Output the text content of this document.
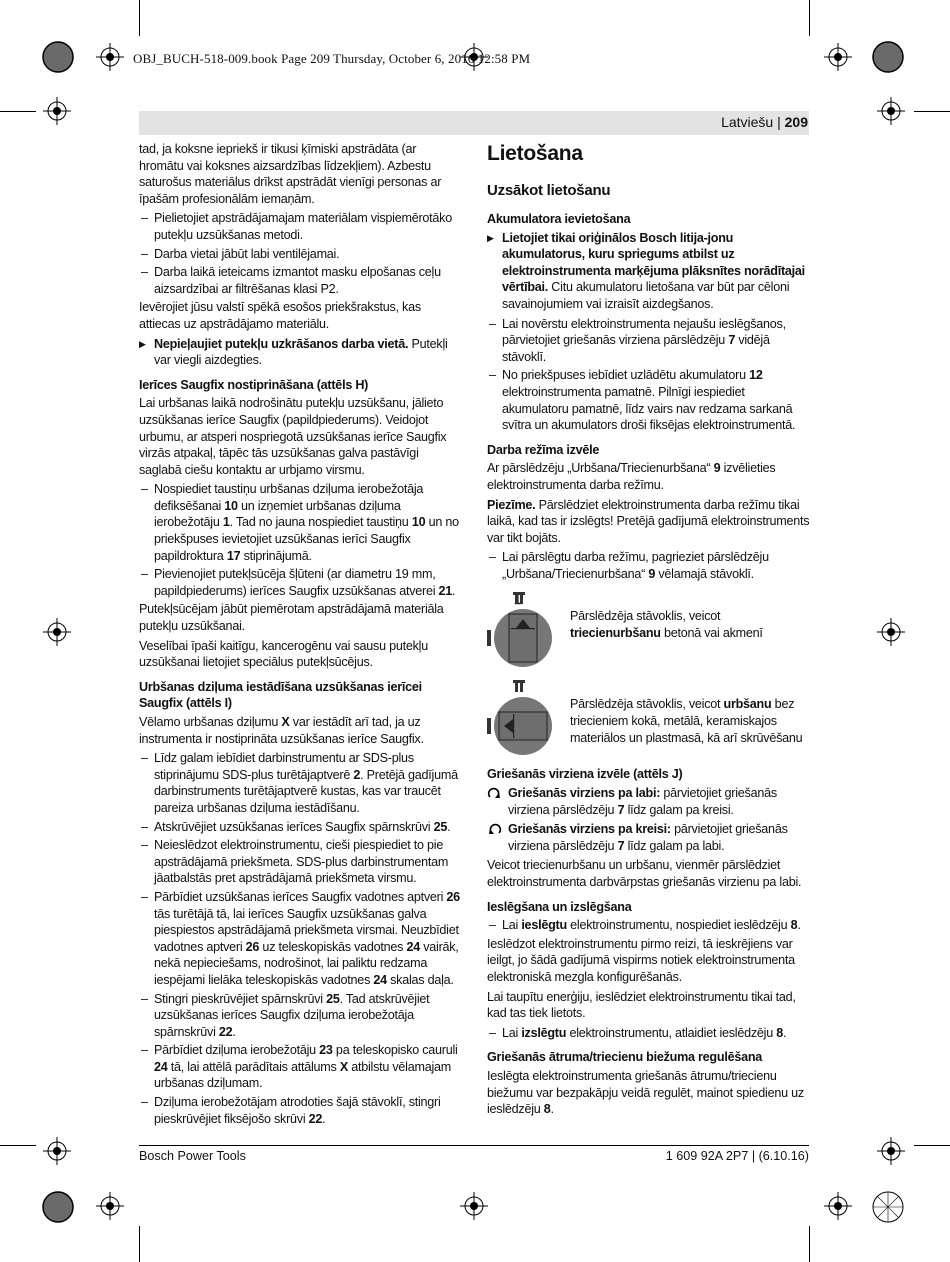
OBJ_BUCH-518-009.book Page 209 Thursday, October 6, 2016 12:58 PM
Latviešu | 209

tad, ja koksne iepriekš ir tikusi ķīmiski apstrādāta (ar hromātu vai koksnes aizsardzības līdzekļiem). Azbestu saturošus materiālus drīkst apstrādāt vienīgi personas ar īpašām profesionālām iemaņām.

– Pielietojiet apstrādājamajam materiālam vispiemērotāko putekļu uzsūkšanas metodi.
– Darba vietai jābūt labi ventilējamai.
– Darba laikā ieteicams izmantot masku elpošanas ceļu aizsardzībai ar filtrēšanas klasi P2.

Ievērojiet jūsu valstī spēkā esošos priekšrakstus, kas attiecas uz apstrādājamo materiālu.

▶ Nepieļaujiet putekļu uzkrāšanos darba vietā. Putekļi var viegli aizdegties.
Ierīces Saugfix nostiprināšana (attēls H)

Lai urbšanas laikā nodrošinātu putekļu uzsūkšanu, jālieto uzsūkšanas ierīce Saugfix (papildpiederums). Veidojot urbumu, ar atsperi nospriegotā uzsūkšanas ierīce Saugfix virzās atpakaļ, tāpēc tās uzsūkšanas galva pastāvīgi saglabā ciešu kontaktu ar urbjamo virsmu.

– Nospiediet taustiņu urbšanas dziļuma ierobežotāja defiksēšanai 10 un izņemiet urbšanas dziļuma ierobežotāju 1. Tad no jauna nospiediet taustiņu 10 un no priekšpuses ievietojiet uzsūkšanas ierīci Saugfix papildroktura 17 stiprinājumā.
– Pievienojiet putekļsūcēja šļūteni (ar diametru 19 mm, papildpiederums) ierīces Saugfix uzsūkšanas atverei 21.

Putekļsūcējam jābūt piemērotam apstrādājamā materiāla putekļu uzsūkšanai.

Veselībai īpaši kaitīgu, kancerogēnu vai sausu putekļu uzsūkšanai lietojiet speciālus putekļsūcējus.

Urbšanas dziļuma iestādīšana uzsūkšanas ierīcei Saugfix (attēls I)

Vēlamo urbšanas dziļumu X var iestādīt arī tad, ja uz instrumenta ir nostiprināta uzsūkšanas ierīce Saugfix.

– Līdz galam iebīdiet darbinstrumentu ar SDS-plus stiprinājumu SDS-plus turētājaptverē 2. Pretējā gadījumā darbinstruments turētājaptverē kustas, kas var traucēt pareiza urbšanas dziļuma iestādīšanu.
– Atskrūvējiet uzsūkšanas ierīces Saugfix spārnskrūvi 25.
– Neieslēdzot elektroinstrumentu, cieši piespiediet to pie apstrādājamā priekšmeta. SDS-plus darbinstrumentam jāatbalstās pret apstrādājamā priekšmeta virsmu.
– Pārbīdiet uzsūkšanas ierīces Saugfix vadotnes aptveri 26 tās turētājā tā, lai ierīces Saugfix uzsūkšanas galva piespiestos apstrādājamā priekšmeta virsmai. Neuzbīdiet vadotnes aptveri 26 uz teleskopiskās vadotnes 24 vairāk, nekā nepieciešams, nodrošinot, lai paliktu redzama iespējami lielāka teleskopiskās vadotnes 24 skalas daļa.
– Stingri pieskrūvējiet spārnskrūvi 25. Tad atskrūvējiet uzsūkšanas ierīces Saugfix dziļuma ierobežotāja spārnskrūvi 22.
– Pārbīdiet dziļuma ierobežotāju 23 pa teleskopisko cauruli 24 tā, lai attēlā parādītais attālums X atbilstu vēlamajam urbšanas dziļumam.
– Dziļuma ierobežotājam atrodoties šajā stāvoklī, stingri pieskrūvējiet fiksējošo skrūvi 22.
Lietošana
Uzsākot lietošanu
Akumulatora ievietošana
▶ Lietojiet tikai oriģinālos Bosch litija-jonu akumulatorus, kuru spriegums atbilst uz elektroinstrumenta marķējuma plāksnītes norādītajai vērtībai. Citu akumulatoru lietošana var būt par cēloni savainojumiem vai izraisīt aizdegšanos.
– Lai novērstu elektroinstrumenta nejaušu ieslēgšanos, pārvietojiet griešanās virziena pārslēdzēju 7 vidējā stāvoklī.
– No priekšpuses iebīdiet uzlādētu akumulatoru 12 elektroinstrumenta pamatnē. Pilnīgi iespiediet akumulatoru pamatnē, līdz vairs nav redzama sarkanā svītra un akumulators droši fiksējas elektroinstrumentā.
Darba režīma izvēle

Ar pārslēdzēju „Urbšana/Triecienurbšana“ 9 izvēlieties elektroinstrumenta darba režīmu.

Piezīme. Pārslēdziet elektroinstrumenta darba režīmu tikai laikā, kad tas ir izslēgts! Pretējā gadījumā elektroinstruments var tikt bojāts.

– Lai pārslēgtu darba režīmu, pagrieziet pārslēdzēju „Urbšana/Triecienurbšana“ 9 vēlamajā stāvoklī.
Pārslēdzēja stāvoklis, veicot triecienurbšanu betonā vai akmenī
Pārslēdzēja stāvoklis, veicot urbšanu bez triecieniem kokā, metālā, keramiskajos materiālos un plastmasā, kā arī skrūvēšanu
Griešanās virziena izvēle (attēls J)
Griešanās virziens pa labi: pārvietojiet griešanās virziena pārslēdzēju 7 līdz galam pa kreisi.
Griešanās virziens pa kreisi: pārvietojiet griešanās virziena pārslēdzēju 7 līdz galam pa labi.

Veicot triecienurbšanu un urbšanu, vienmēr pārslēdziet elektroinstrumenta darbvārpstas griešanās virzienu pa labi.

Ieslēgšana un izslēgšana
– Lai ieslēgtu elektroinstrumentu, nospiediet ieslēdzēju 8.

Ieslēdzot elektroinstrumentu pirmo reizi, tā ieskrējiens var ieilgt, jo šādā gadījumā vispirms notiek elektroinstrumenta elektroniskā mezgla konfigurēšanās.

Lai taupītu enerģiju, ieslēdziet elektroinstrumentu tikai tad, kad tas tiek lietots.

– Lai izslēgtu elektroinstrumentu, atlaidiet ieslēdzēju 8.
Griešanās ātruma/triecienu biežuma regulēšana

Ieslēgta elektroinstrumenta griešanās ātrumu/triecienu biežumu var bezpakāpju veidā regulēt, mainot spiedienu uz ieslēdzēju 8.

Bosch Power Tools	1 609 92A 2P7 | (6.10.16)
